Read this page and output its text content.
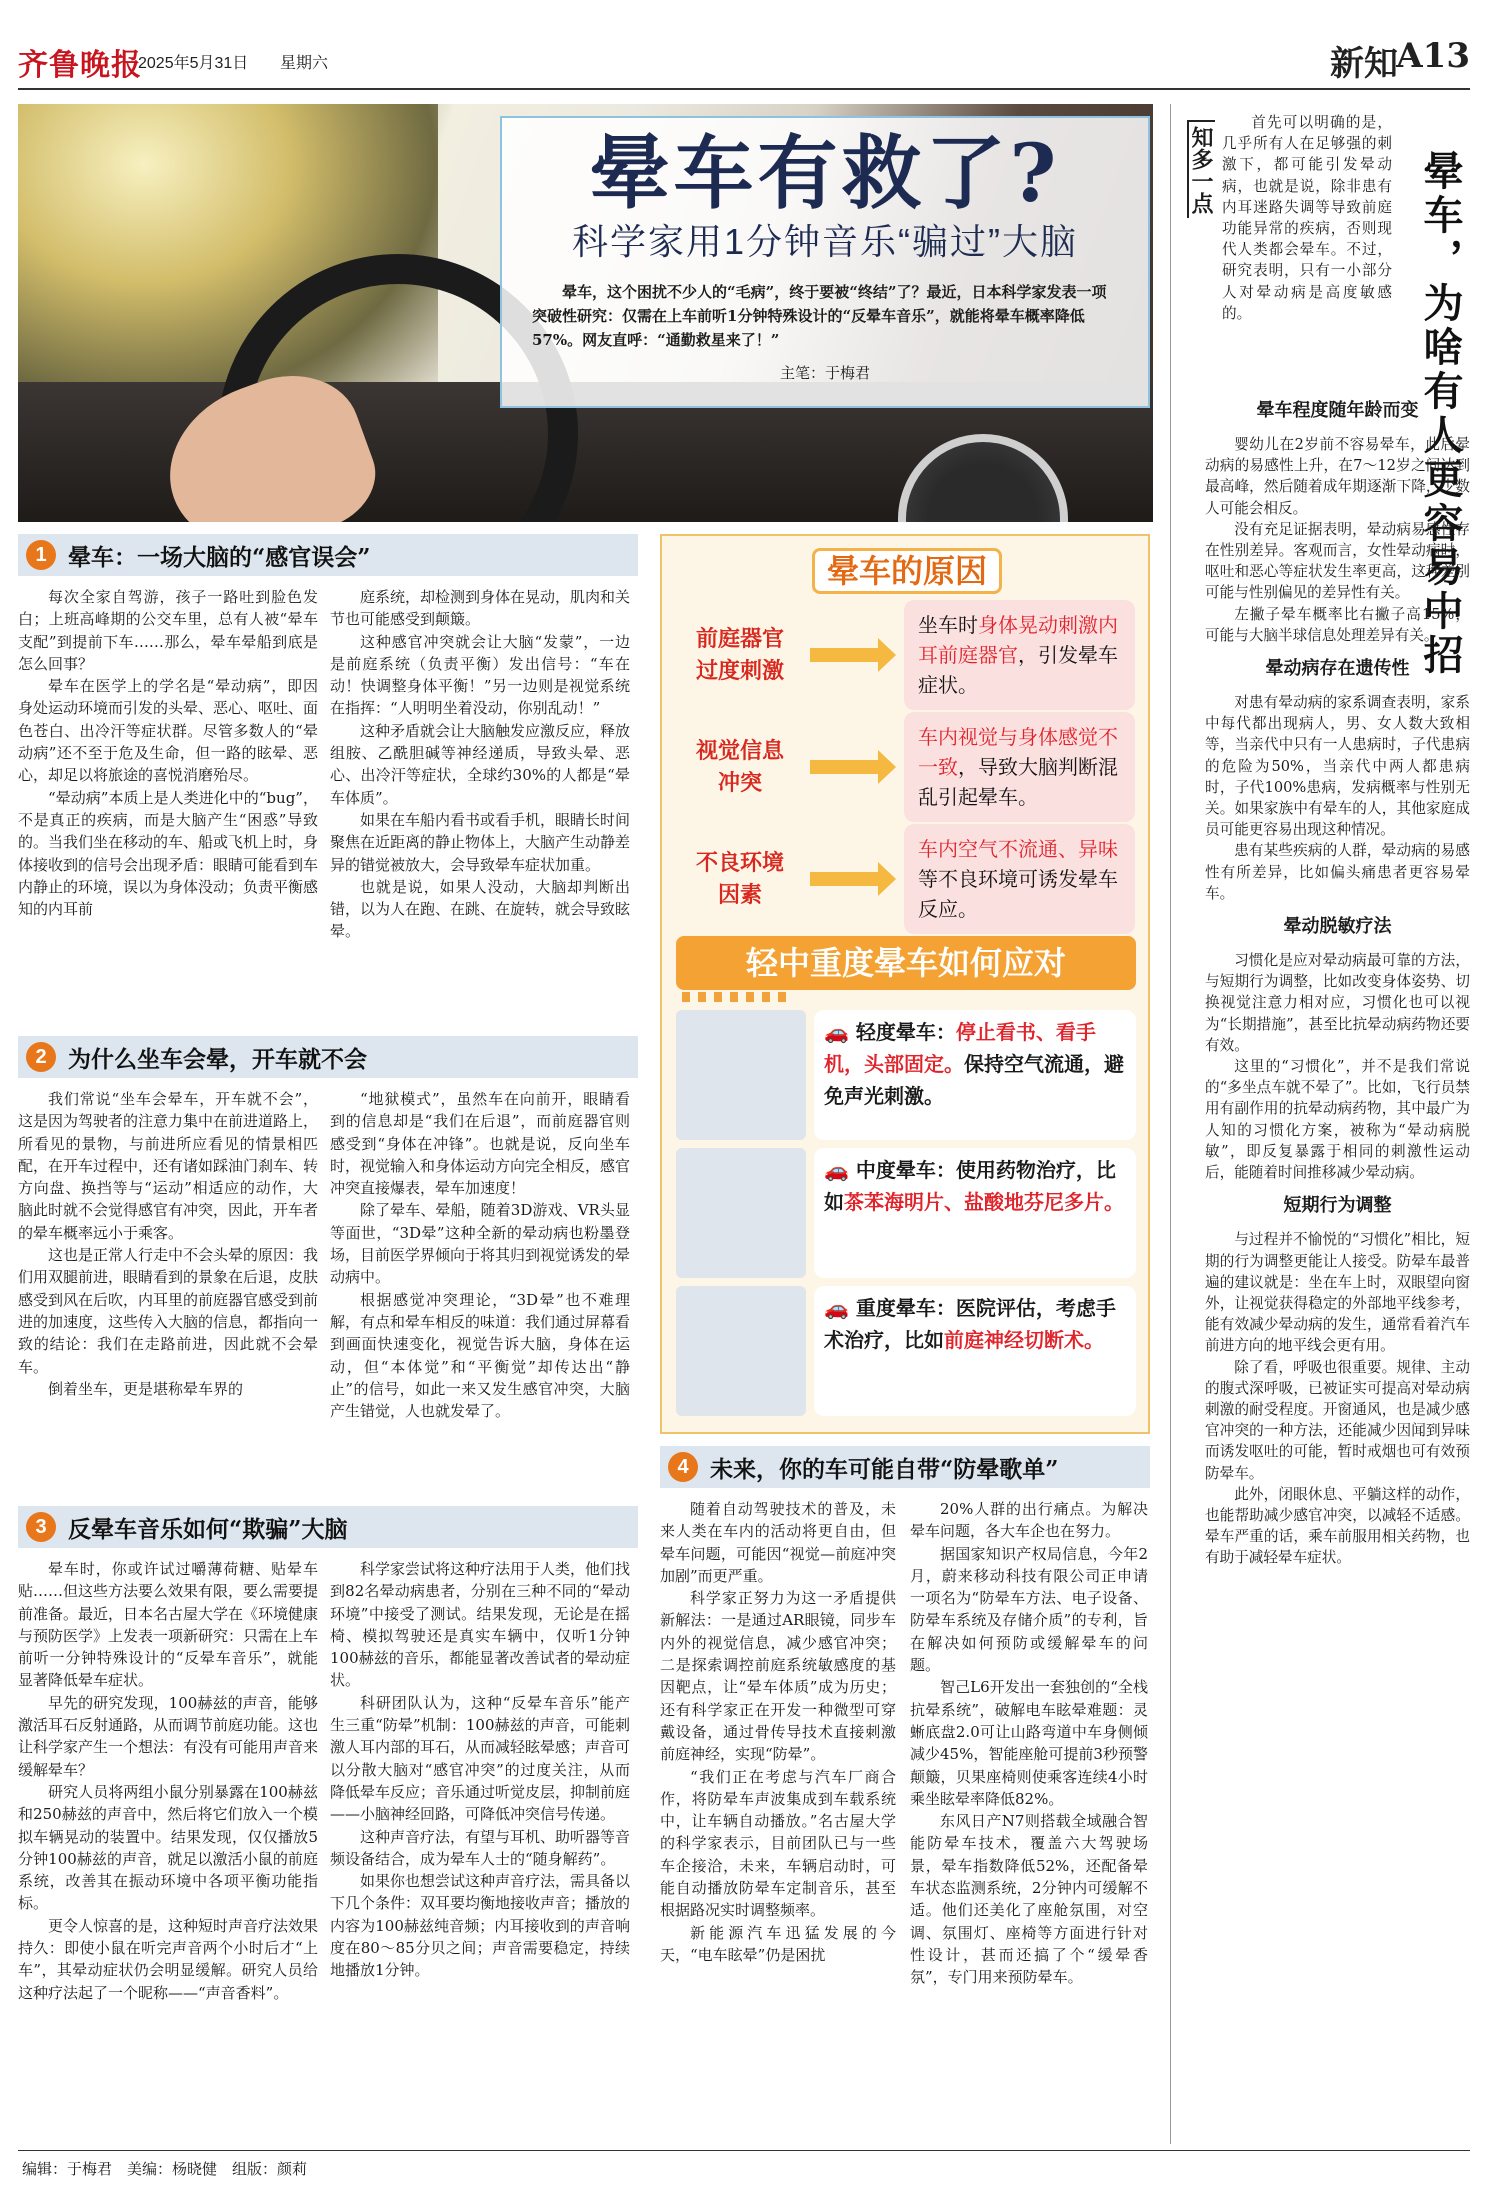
齐鲁晚报
2025年5月31日 星期六	新知
A13
晕车有救了?
科学家用1分钟音乐“骗过”大脑
晕车，这个困扰不少人的“毛病”，终于要被“终结”了？最近，日本科学家发表一项突破性研究：仅需在上车前听1分钟特殊设计的“反晕车音乐”，就能将晕车概率降低57%。网友直呼：“通勤救星来了！”
主笔：于梅君
1 晕车：一场大脑的“感官误会”

每次全家自驾游，孩子一路吐到脸色发白；上班高峰期的公交车里，总有人被“晕车支配”到提前下车……那么，晕车晕船到底是怎么回事？

晕车在医学上的学名是“晕动病”，即因身处运动环境而引发的头晕、恶心、呕吐、面色苍白、出冷汗等症状群。尽管多数人的“晕动病”还不至于危及生命，但一路的眩晕、恶心，却足以将旅途的喜悦消磨殆尽。

“晕动病”本质上是人类进化中的“bug”，不是真正的疾病，而是大脑产生“困惑”导致的。当我们坐在移动的车、船或飞机上时，身体接收到的信号会出现矛盾：眼睛可能看到车内静止的环境，误以为身体没动；负责平衡感知的内耳前

庭系统，却检测到身体在晃动，肌肉和关节也可能感受到颠簸。

这种感官冲突就会让大脑“发蒙”，一边是前庭系统（负责平衡）发出信号：“车在动！快调整身体平衡！”另一边则是视觉系统在指挥：“人明明坐着没动，你别乱动！”

这种矛盾就会让大脑触发应激反应，释放组胺、乙酰胆碱等神经递质，导致头晕、恶心、出冷汗等症状，全球约30%的人都是“晕车体质”。

如果在车船内看书或看手机，眼睛长时间聚焦在近距离的静止物体上，大脑产生动静差异的错觉被放大，会导致晕车症状加重。

也就是说，如果人没动，大脑却判断出错，以为人在跑、在跳、在旋转，就会导致眩晕。

2 为什么坐车会晕，开车就不会

我们常说“坐车会晕车，开车就不会”，这是因为驾驶者的注意力集中在前进道路上，所看见的景物，与前进所应看见的情景相匹配，在开车过程中，还有诸如踩油门刹车、转方向盘、换挡等与“运动”相适应的动作，大脑此时就不会觉得感官有冲突，因此，开车者的晕车概率远小于乘客。

这也是正常人行走中不会头晕的原因：我们用双腿前进，眼睛看到的景象在后退，皮肤感受到风在后吹，内耳里的前庭器官感受到前进的加速度，这些传入大脑的信息，都指向一致的结论：我们在走路前进，因此就不会晕车。

倒着坐车，更是堪称晕车界的

“地狱模式”，虽然车在向前开，眼睛看到的信息却是“我们在后退”，而前庭器官则感受到“身体在冲锋”。也就是说，反向坐车时，视觉输入和身体运动方向完全相反，感官冲突直接爆表，晕车加速度！

除了晕车、晕船，随着3D游戏、VR头显等面世，“3D晕”这种全新的晕动病也粉墨登场，目前医学界倾向于将其归到视觉诱发的晕动病中。

根据感觉冲突理论，“3D晕”也不难理解，有点和晕车相反的味道：我们通过屏幕看到画面快速变化，视觉告诉大脑，身体在运动，但“本体觉”和“平衡觉”却传达出“静止”的信号，如此一来又发生感官冲突，大脑产生错觉，人也就发晕了。

3 反晕车音乐如何“欺骗”大脑

晕车时，你或许试过嚼薄荷糖、贴晕车贴……但这些方法要么效果有限，要么需要提前准备。最近，日本名古屋大学在《环境健康与预防医学》上发表一项新研究：只需在上车前听一分钟特殊设计的“反晕车音乐”，就能显著降低晕车症状。

早先的研究发现，100赫兹的声音，能够激活耳石反射通路，从而调节前庭功能。这也让科学家产生一个想法：有没有可能用声音来缓解晕车？

研究人员将两组小鼠分别暴露在100赫兹和250赫兹的声音中，然后将它们放入一个模拟车辆晃动的装置中。结果发现，仅仅播放5分钟100赫兹的声音，就足以激活小鼠的前庭系统，改善其在振动环境中各项平衡功能指标。

更令人惊喜的是，这种短时声音疗法效果持久：即使小鼠在听完声音两个小时后才“上车”，其晕动症状仍会明显缓解。研究人员给这种疗法起了一个昵称——“声音香料”。

科学家尝试将这种疗法用于人类，他们找到82名晕动病患者，分别在三种不同的“晕动环境”中接受了测试。结果发现，无论是在摇椅、模拟驾驶还是真实车辆中，仅听1分钟100赫兹的音乐，都能显著改善试者的晕动症状。

科研团队认为，这种“反晕车音乐”能产生三重“防晕”机制：100赫兹的声音，可能刺激人耳内部的耳石，从而减轻眩晕感；声音可以分散大脑对“感官冲突”的过度关注，从而降低晕车反应；音乐通过听觉皮层，抑制前庭——小脑神经回路，可降低冲突信号传递。

这种声音疗法，有望与耳机、助听器等音频设备结合，成为晕车人士的“随身解药”。

如果你也想尝试这种声音疗法，需具备以下几个条件：双耳要均衡地接收声音；播放的内容为100赫兹纯音频；内耳接收到的声音响度在80～85分贝之间；声音需要稳定，持续地播放1分钟。

晕车的原因
前庭器官
过度刺激
坐车时身体晃动刺激内耳前庭器官，引发晕车症状。
视觉信息
冲突
车内视觉与身体感觉不一致，导致大脑判断混乱引起晕车。
不良环境
因素
车内空气不流通、异味等不良环境可诱发晕车反应。
轻中重度晕车如何应对
🚗 轻度晕车：停止看书、看手机，头部固定。保持空气流通，避免声光刺激。
🚗 中度晕车：使用药物治疗，比如茶苯海明片、盐酸地芬尼多片。
🚗 重度晕车：医院评估，考虑手术治疗，比如前庭神经切断术。
4 未来，你的车可能自带“防晕歌单”

随着自动驾驶技术的普及，未来人类在车内的活动将更自由，但晕车问题，可能因“视觉—前庭冲突加剧”而更严重。

科学家正努力为这一矛盾提供新解法：一是通过AR眼镜，同步车内外的视觉信息，减少感官冲突；二是探索调控前庭系统敏感度的基因靶点，让“晕车体质”成为历史；还有科学家正在开发一种微型可穿戴设备，通过骨传导技术直接刺激前庭神经，实现“防晕”。

“我们正在考虑与汽车厂商合作，将防晕车声波集成到车载系统中，让车辆自动播放。”名古屋大学的科学家表示，目前团队已与一些车企接洽，未来，车辆启动时，可能自动播放防晕车定制音乐，甚至根据路况实时调整频率。

新能源汽车迅猛发展的今天，“电车眩晕”仍是困扰

20%人群的出行痛点。为解决晕车问题，各大车企也在努力。

据国家知识产权局信息，今年2月，蔚来移动科技有限公司正申请一项名为“防晕车方法、电子设备、防晕车系统及存储介质”的专利，旨在解决如何预防或缓解晕车的问题。

智己L6开发出一套独创的“全栈抗晕系统”，破解电车眩晕难题：灵蜥底盘2.0可让山路弯道中车身侧倾减少45%，智能座舱可提前3秒预警颠簸，贝果座椅则使乘客连续4小时乘坐眩晕率降低82%。

东风日产N7则搭载全域融合智能防晕车技术，覆盖六大驾驶场景，晕车指数降低52%，还配备晕车状态监测系统，2分钟内可缓解不适。他们还美化了座舱氛围，对空调、氛围灯、座椅等方面进行针对性设计，甚而还搞了个“缓晕香氛”，专门用来预防晕车。

知多一点	晕车，为啥有人更容易中招

首先可以明确的是，几乎所有人在足够强的刺激下，都可能引发晕动病，也就是说，除非患有内耳迷路失调等导致前庭功能异常的疾病，否则现代人类都会晕车。不过，研究表明，只有一小部分人对晕动病是高度敏感的。

晕车程度随年龄而变

婴幼儿在2岁前不容易晕车，此后晕动病的易感性上升，在7～12岁之间达到最高峰，然后随着成年期逐渐下降，少数人可能会相反。

没有充足证据表明，晕动病易感性存在性别差异。客观而言，女性晕动病时，呕吐和恶心等症状发生率更高，这种差别可能与性别偏见的差异性有关。

左撇子晕车概率比右撇子高15%，可能与大脑半球信息处理差异有关。

晕动病存在遗传性

对患有晕动病的家系调查表明，家系中每代都出现病人，男、女人数大致相等，当亲代中只有一人患病时，子代患病的危险为50%，当亲代中两人都患病时，子代100%患病，发病概率与性别无关。如果家族中有晕车的人，其他家庭成员可能更容易出现这种情况。

患有某些疾病的人群，晕动病的易感性有所差异，比如偏头痛患者更容易晕车。

晕动脱敏疗法

习惯化是应对晕动病最可靠的方法，与短期行为调整，比如改变身体姿势、切换视觉注意力相对应，习惯化也可以视为“长期措施”，甚至比抗晕动病药物还要有效。

这里的“习惯化”，并不是我们常说的“多坐点车就不晕了”。比如，飞行员禁用有副作用的抗晕动病药物，其中最广为人知的习惯化方案，被称为“晕动病脱敏”，即反复暴露于相同的刺激性运动后，能随着时间推移减少晕动病。

短期行为调整

与过程并不愉悦的“习惯化”相比，短期的行为调整更能让人接受。防晕车最普遍的建议就是：坐在车上时，双眼望向窗外，让视觉获得稳定的外部地平线参考，能有效减少晕动病的发生，通常看着汽车前进方向的地平线会更有用。

除了看，呼吸也很重要。规律、主动的腹式深呼吸，已被证实可提高对晕动病刺激的耐受程度。开窗通风，也是减少感官冲突的一种方法，还能减少因闻到异味而诱发呕吐的可能，暂时戒烟也可有效预防晕车。

此外，闭眼休息、平躺这样的动作，也能帮助减少感官冲突，以减轻不适感。晕车严重的话，乘车前服用相关药物，也有助于减轻晕车症状。

编辑：于梅君　美编：杨晓健　组版：颜莉
